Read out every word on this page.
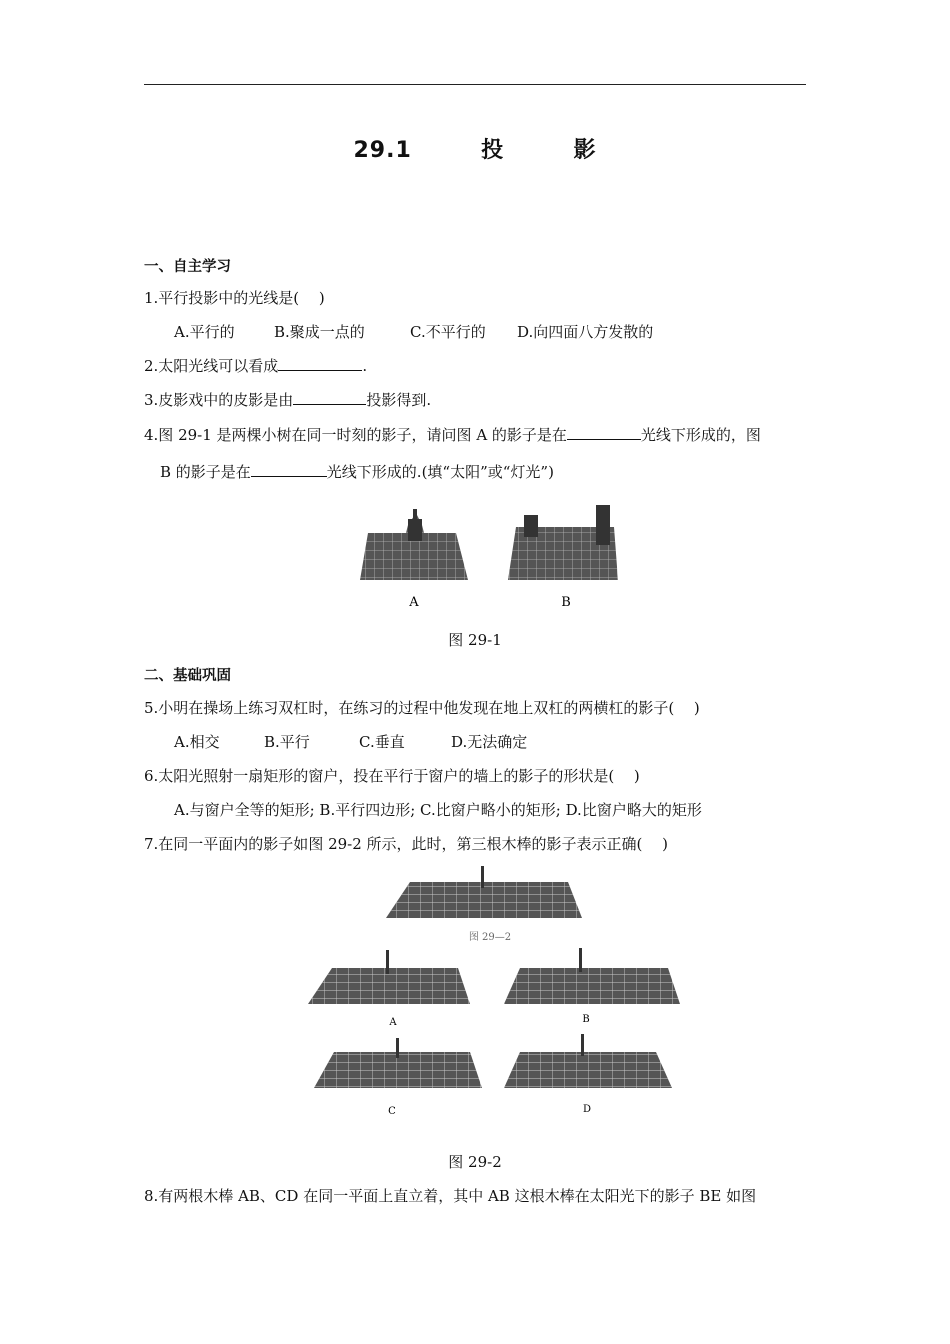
29.1	投	影
一、自主学习
1.平行投影中的光线是(　 )
A.平行的	B.聚成一点的	C.不平行的 D.向四面八方发散的
2.太阳光线可以看成	.
3.皮影戏中的皮影是由	投影得到.
4.图 29-1 是两棵小树在同一时刻的影子，请问图 A 的影子是在	光线下形成的，图
B 的影子是在	光线下形成的.(填“太阳”或“灯光”)
A	B
图 29-1
二、基础巩固
5.小明在操场上练习双杠时，在练习的过程中他发现在地上双杠的两横杠的影子(　 )
A.相交	B.平行	C.垂直	D.无法确定
6.太阳光照射一扇矩形的窗户，投在平行于窗户的墙上的影子的形状是(　 )
A.与窗户全等的矩形; B.平行四边形; C.比窗户略小的矩形; D.比窗户略大的矩形
7.在同一平面内的影子如图 29-2 所示，此时，第三根木棒的影子表示正确(　 )
图 29—2
A	B
C	D
图 29-2
8.有两根木棒 AB、CD 在同一平面上直立着，其中 AB 这根木棒在太阳光下的影子 BE 如图
